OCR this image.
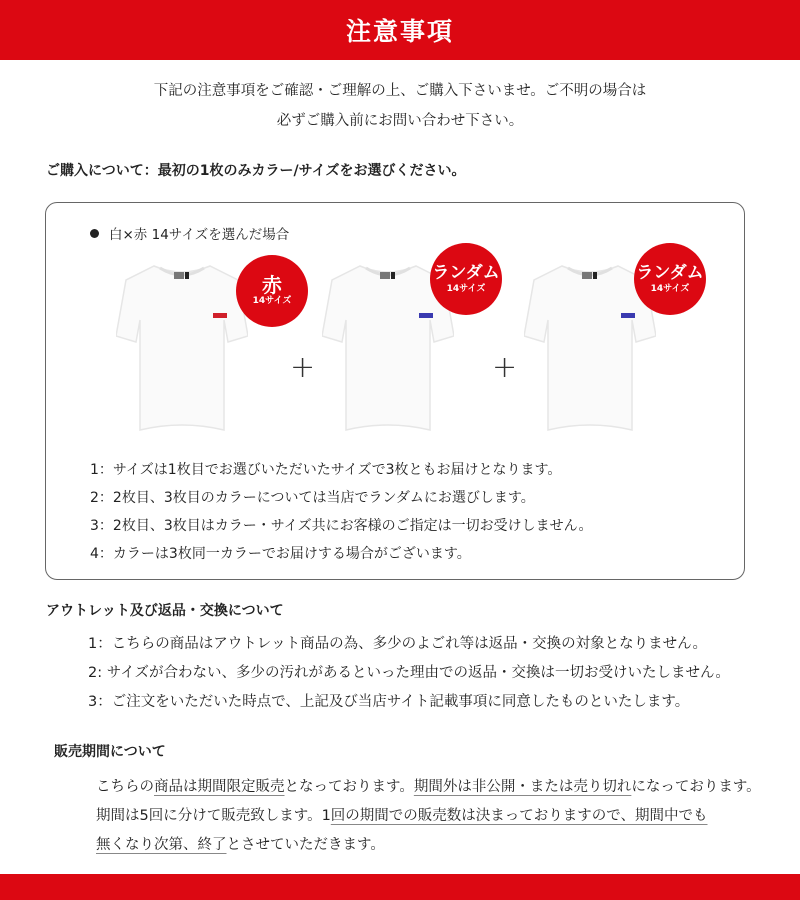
注意事項
下記の注意事項をご確認・ご理解の上、ご購入下さいませ。ご不明の場合は
必ずご購入前にお問い合わせ下さい。
ご購入について：最初の1枚のみカラー/サイズをお選びください。
白×赤 14サイズを選んだ場合
赤
14サイズ
+
ランダム
14サイズ
+
ランダム
14サイズ
1：サイズは1枚目でお選びいただいたサイズで3枚ともお届けとなります。
2：2枚目、3枚目のカラーについては当店でランダムにお選びします。
3：2枚目、3枚目はカラー・サイズ共にお客様のご指定は一切お受けしません。
4：カラーは3枚同一カラーでお届けする場合がございます。
アウトレット及び返品・交換について
1：こちらの商品はアウトレット商品の為、多少のよごれ等は返品・交換の対象となりません。
2: サイズが合わない、多少の汚れがあるといった理由での返品・交換は一切お受けいたしません。
3：ご注文をいただいた時点で、上記及び当店サイト記載事項に同意したものといたします。
販売期間について
こちらの商品は期間限定販売となっております。期間外は非公開・または売り切れになっております。
期間は5回に分けて販売致します。1回の期間での販売数は決まっておりますので、期間中でも
無くなり次第、終了とさせていただきます。
